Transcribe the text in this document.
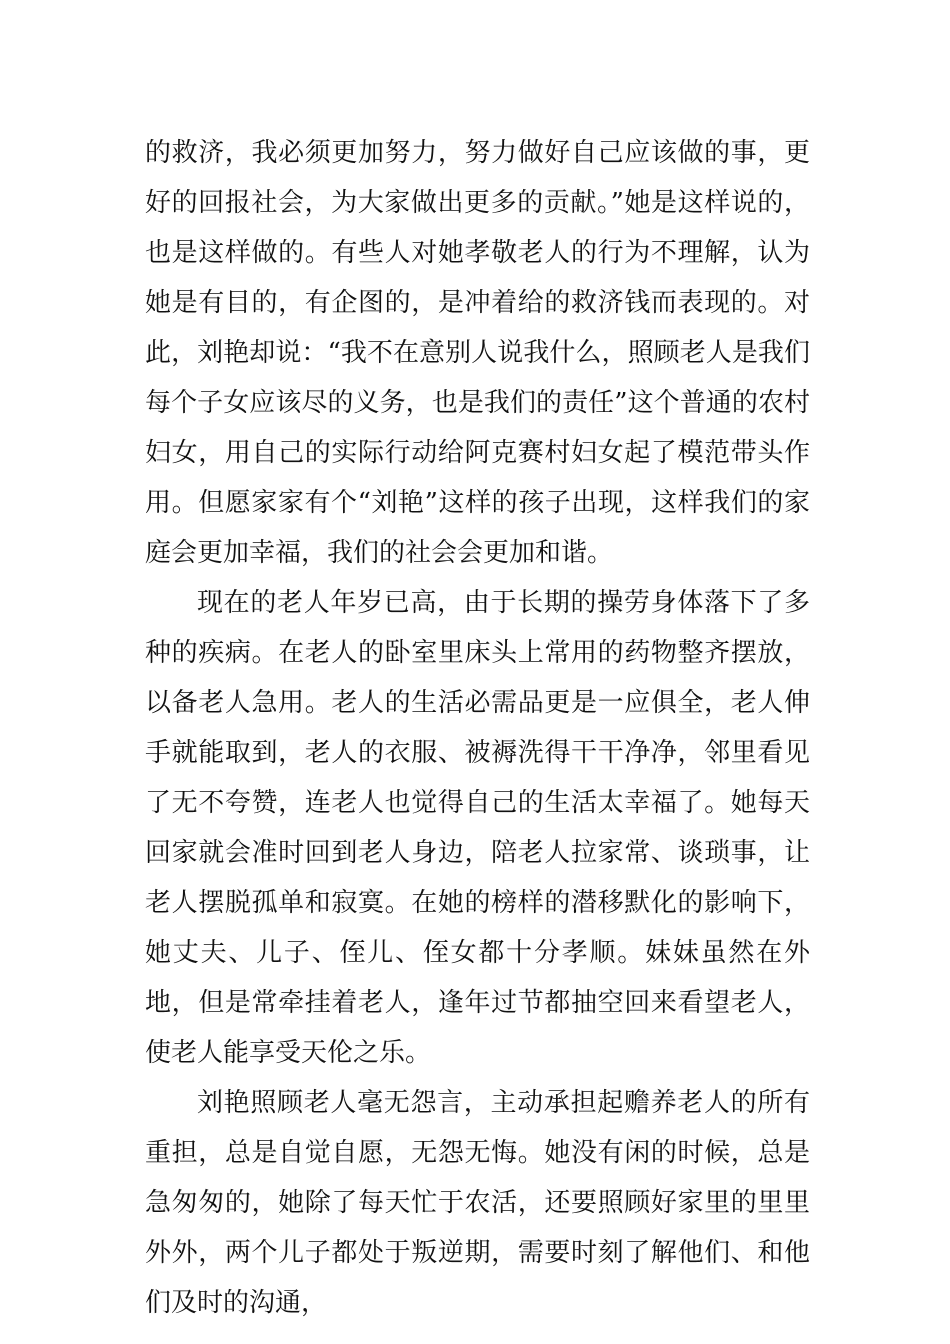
的救济，我必须更加努力，努力做好自己应该做的事，更好的回报社会，为大家做出更多的贡献。”她是这样说的，也是这样做的。有些人对她孝敬老人的行为不理解，认为她是有目的，有企图的，是冲着给的救济钱而表现的。对此，刘艳却说：“我不在意别人说我什么，照顾老人是我们每个子女应该尽的义务，也是我们的责任”这个普通的农村妇女，用自己的实际行动给阿克赛村妇女起了模范带头作用。但愿家家有个“刘艳”这样的孩子出现，这样我们的家庭会更加幸福，我们的社会会更加和谐。

现在的老人年岁已高，由于长期的操劳身体落下了多种的疾病。在老人的卧室里床头上常用的药物整齐摆放，以备老人急用。老人的生活必需品更是一应俱全，老人伸手就能取到，老人的衣服、被褥洗得干干净净，邻里看见了无不夸赞，连老人也觉得自己的生活太幸福了。她每天回家就会准时回到老人身边，陪老人拉家常、谈琐事，让老人摆脱孤单和寂寞。在她的榜样的潜移默化的影响下，她丈夫、儿子、侄儿、侄女都十分孝顺。妹妹虽然在外地，但是常牵挂着老人，逢年过节都抽空回来看望老人，使老人能享受天伦之乐。

刘艳照顾老人毫无怨言，主动承担起赡养老人的所有重担，总是自觉自愿，无怨无悔。她没有闲的时候，总是急匆匆的，她除了每天忙于农活，还要照顾好家里的里里外外，两个儿子都处于叛逆期，需要时刻了解他们、和他们及时的沟通，
